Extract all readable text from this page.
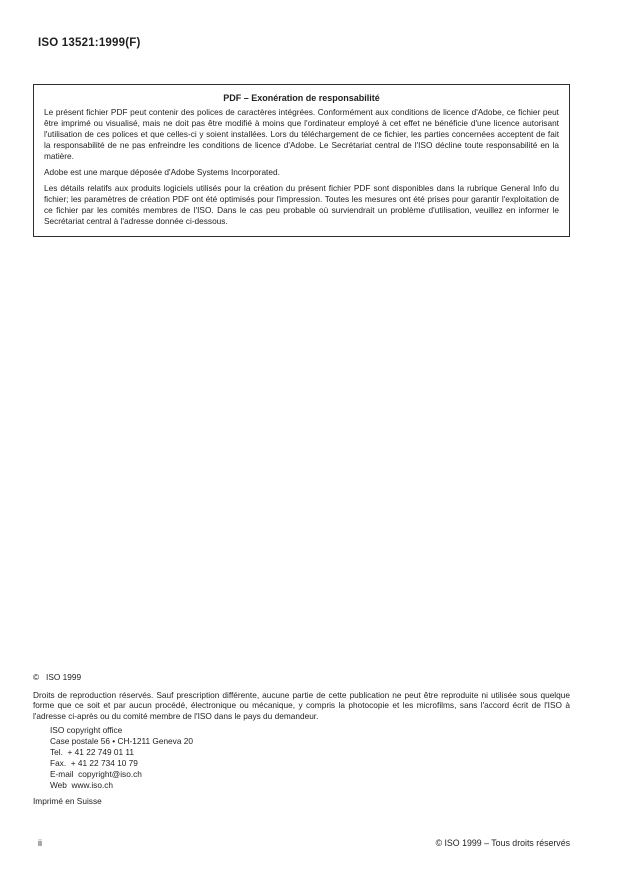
ISO 13521:1999(F)
PDF – Exonération de responsabilité

Le présent fichier PDF peut contenir des polices de caractères intégrées. Conformément aux conditions de licence d'Adobe, ce fichier peut être imprimé ou visualisé, mais ne doit pas être modifié à moins que l'ordinateur employé à cet effet ne bénéficie d'une licence autorisant l'utilisation de ces polices et que celles-ci y soient installées. Lors du téléchargement de ce fichier, les parties concernées acceptent de fait la responsabilité de ne pas enfreindre les conditions de licence d'Adobe. Le Secrétariat central de l'ISO décline toute responsabilité en la matière.

Adobe est une marque déposée d'Adobe Systems Incorporated.

Les détails relatifs aux produits logiciels utilisés pour la création du présent fichier PDF sont disponibles dans la rubrique General Info du fichier; les paramètres de création PDF ont été optimisés pour l'impression. Toutes les mesures ont été prises pour garantir l'exploitation de ce fichier par les comités membres de l'ISO. Dans le cas peu probable où surviendrait un problème d'utilisation, veuillez en informer le Secrétariat central à l'adresse donnée ci-dessous.

©   ISO 1999

Droits de reproduction réservés. Sauf prescription différente, aucune partie de cette publication ne peut être reproduite ni utilisée sous quelque forme que ce soit et par aucun procédé, électronique ou mécanique, y compris la photocopie et les microfilms, sans l'accord écrit de l'ISO à l'adresse ci-après ou du comité membre de l'ISO dans le pays du demandeur.

ISO copyright office
Case postale 56 • CH-1211 Geneva 20
Tel.  + 41 22 749 01 11
Fax.  + 41 22 734 10 79
E-mail  copyright@iso.ch
Web  www.iso.ch

Imprimé en Suisse

ii	© ISO 1999 – Tous droits réservés
